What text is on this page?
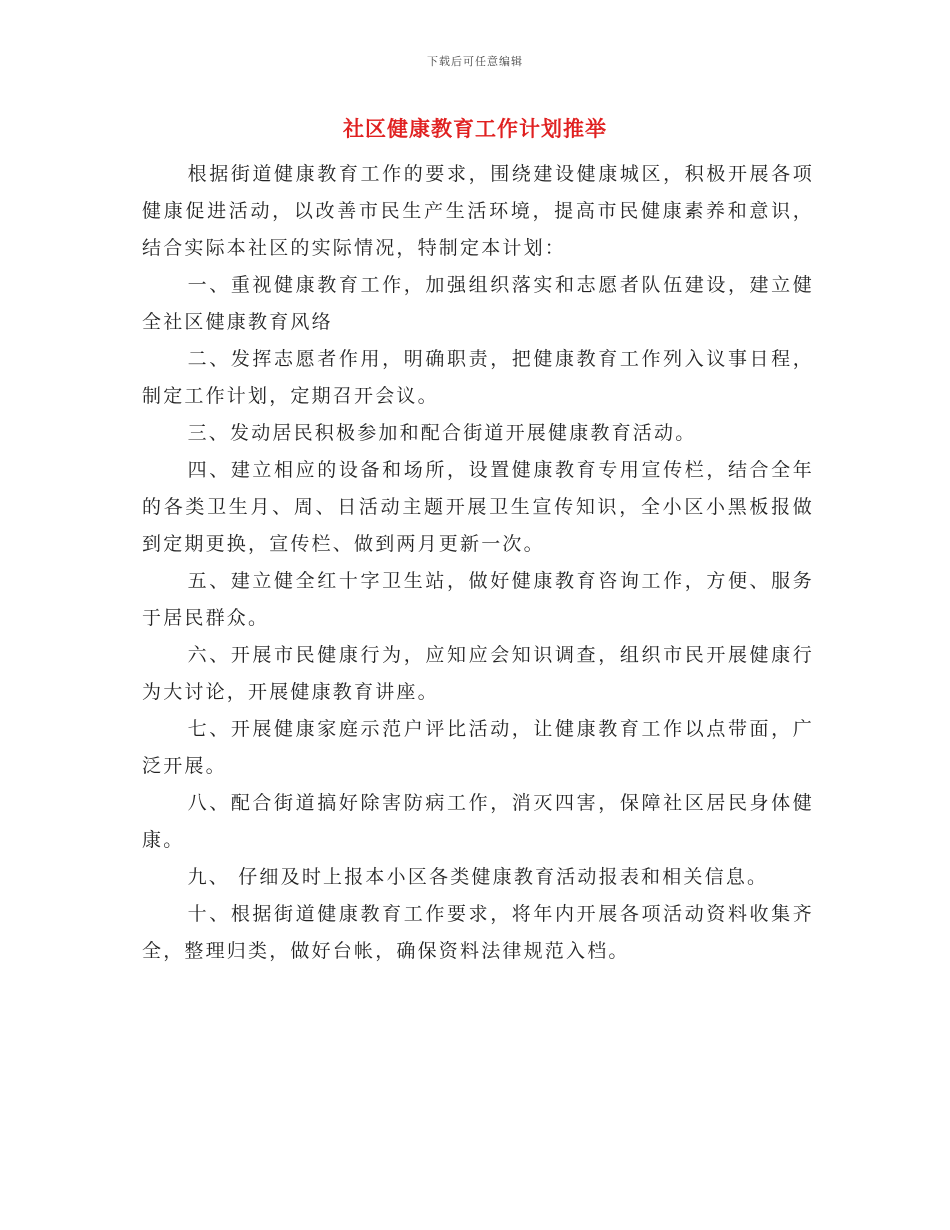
下载后可任意编辑
社区健康教育工作计划推举

根据街道健康教育工作的要求，围绕建设健康城区，积极开展各项健康促进活动，以改善市民生产生活环境，提高市民健康素养和意识，结合实际本社区的实际情况，特制定本计划：

一、重视健康教育工作，加强组织落实和志愿者队伍建设，建立健全社区健康教育风络

二、发挥志愿者作用，明确职责，把健康教育工作列入议事日程，制定工作计划，定期召开会议。

三、发动居民积极参加和配合街道开展健康教育活动。

四、建立相应的设备和场所，设置健康教育专用宣传栏，结合全年的各类卫生月、周、日活动主题开展卫生宣传知识，全小区小黑板报做到定期更换，宣传栏、做到两月更新一次。

五、建立健全红十字卫生站，做好健康教育咨询工作，方便、服务于居民群众。

六、开展市民健康行为，应知应会知识调查，组织市民开展健康行为大讨论，开展健康教育讲座。

七、开展健康家庭示范户评比活动，让健康教育工作以点带面，广泛开展。

八、配合街道搞好除害防病工作，消灭四害，保障社区居民身体健康。

九、 仔细及时上报本小区各类健康教育活动报表和相关信息。

十、根据街道健康教育工作要求，将年内开展各项活动资料收集齐全，整理归类，做好台帐，确保资料法律规范入档。
